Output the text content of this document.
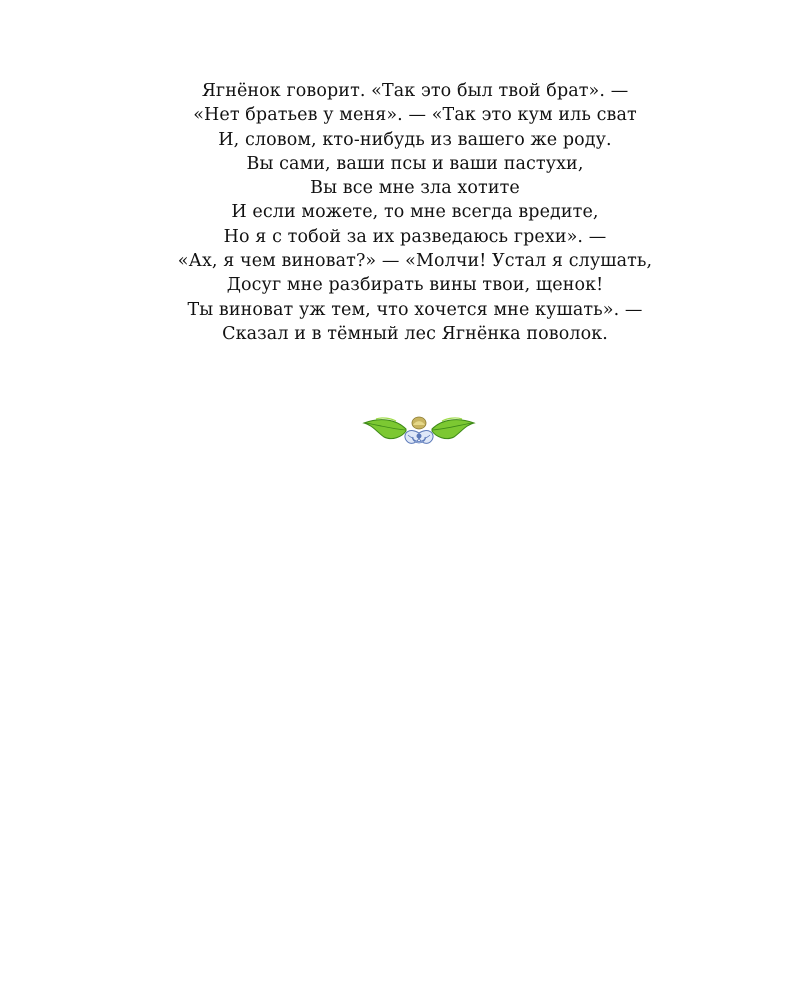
Ягнёнок говорит. «Так это был твой брат». —
«Нет братьев у меня». — «Так это кум иль сват
И, словом, кто-нибудь из вашего же роду.
Вы сами, ваши псы и ваши пастухи,
Вы все мне зла хотите
И если можете, то мне всегда вредите,
Но я с тобой за их разведаюсь грехи». —
«Ах, я чем виноват?» — «Молчи! Устал я слушать,
Досуг мне разбирать вины твои, щенок!
Ты виноват уж тем, что хочется мне кушать». —
Сказал и в тёмный лес Ягнёнка поволок.
